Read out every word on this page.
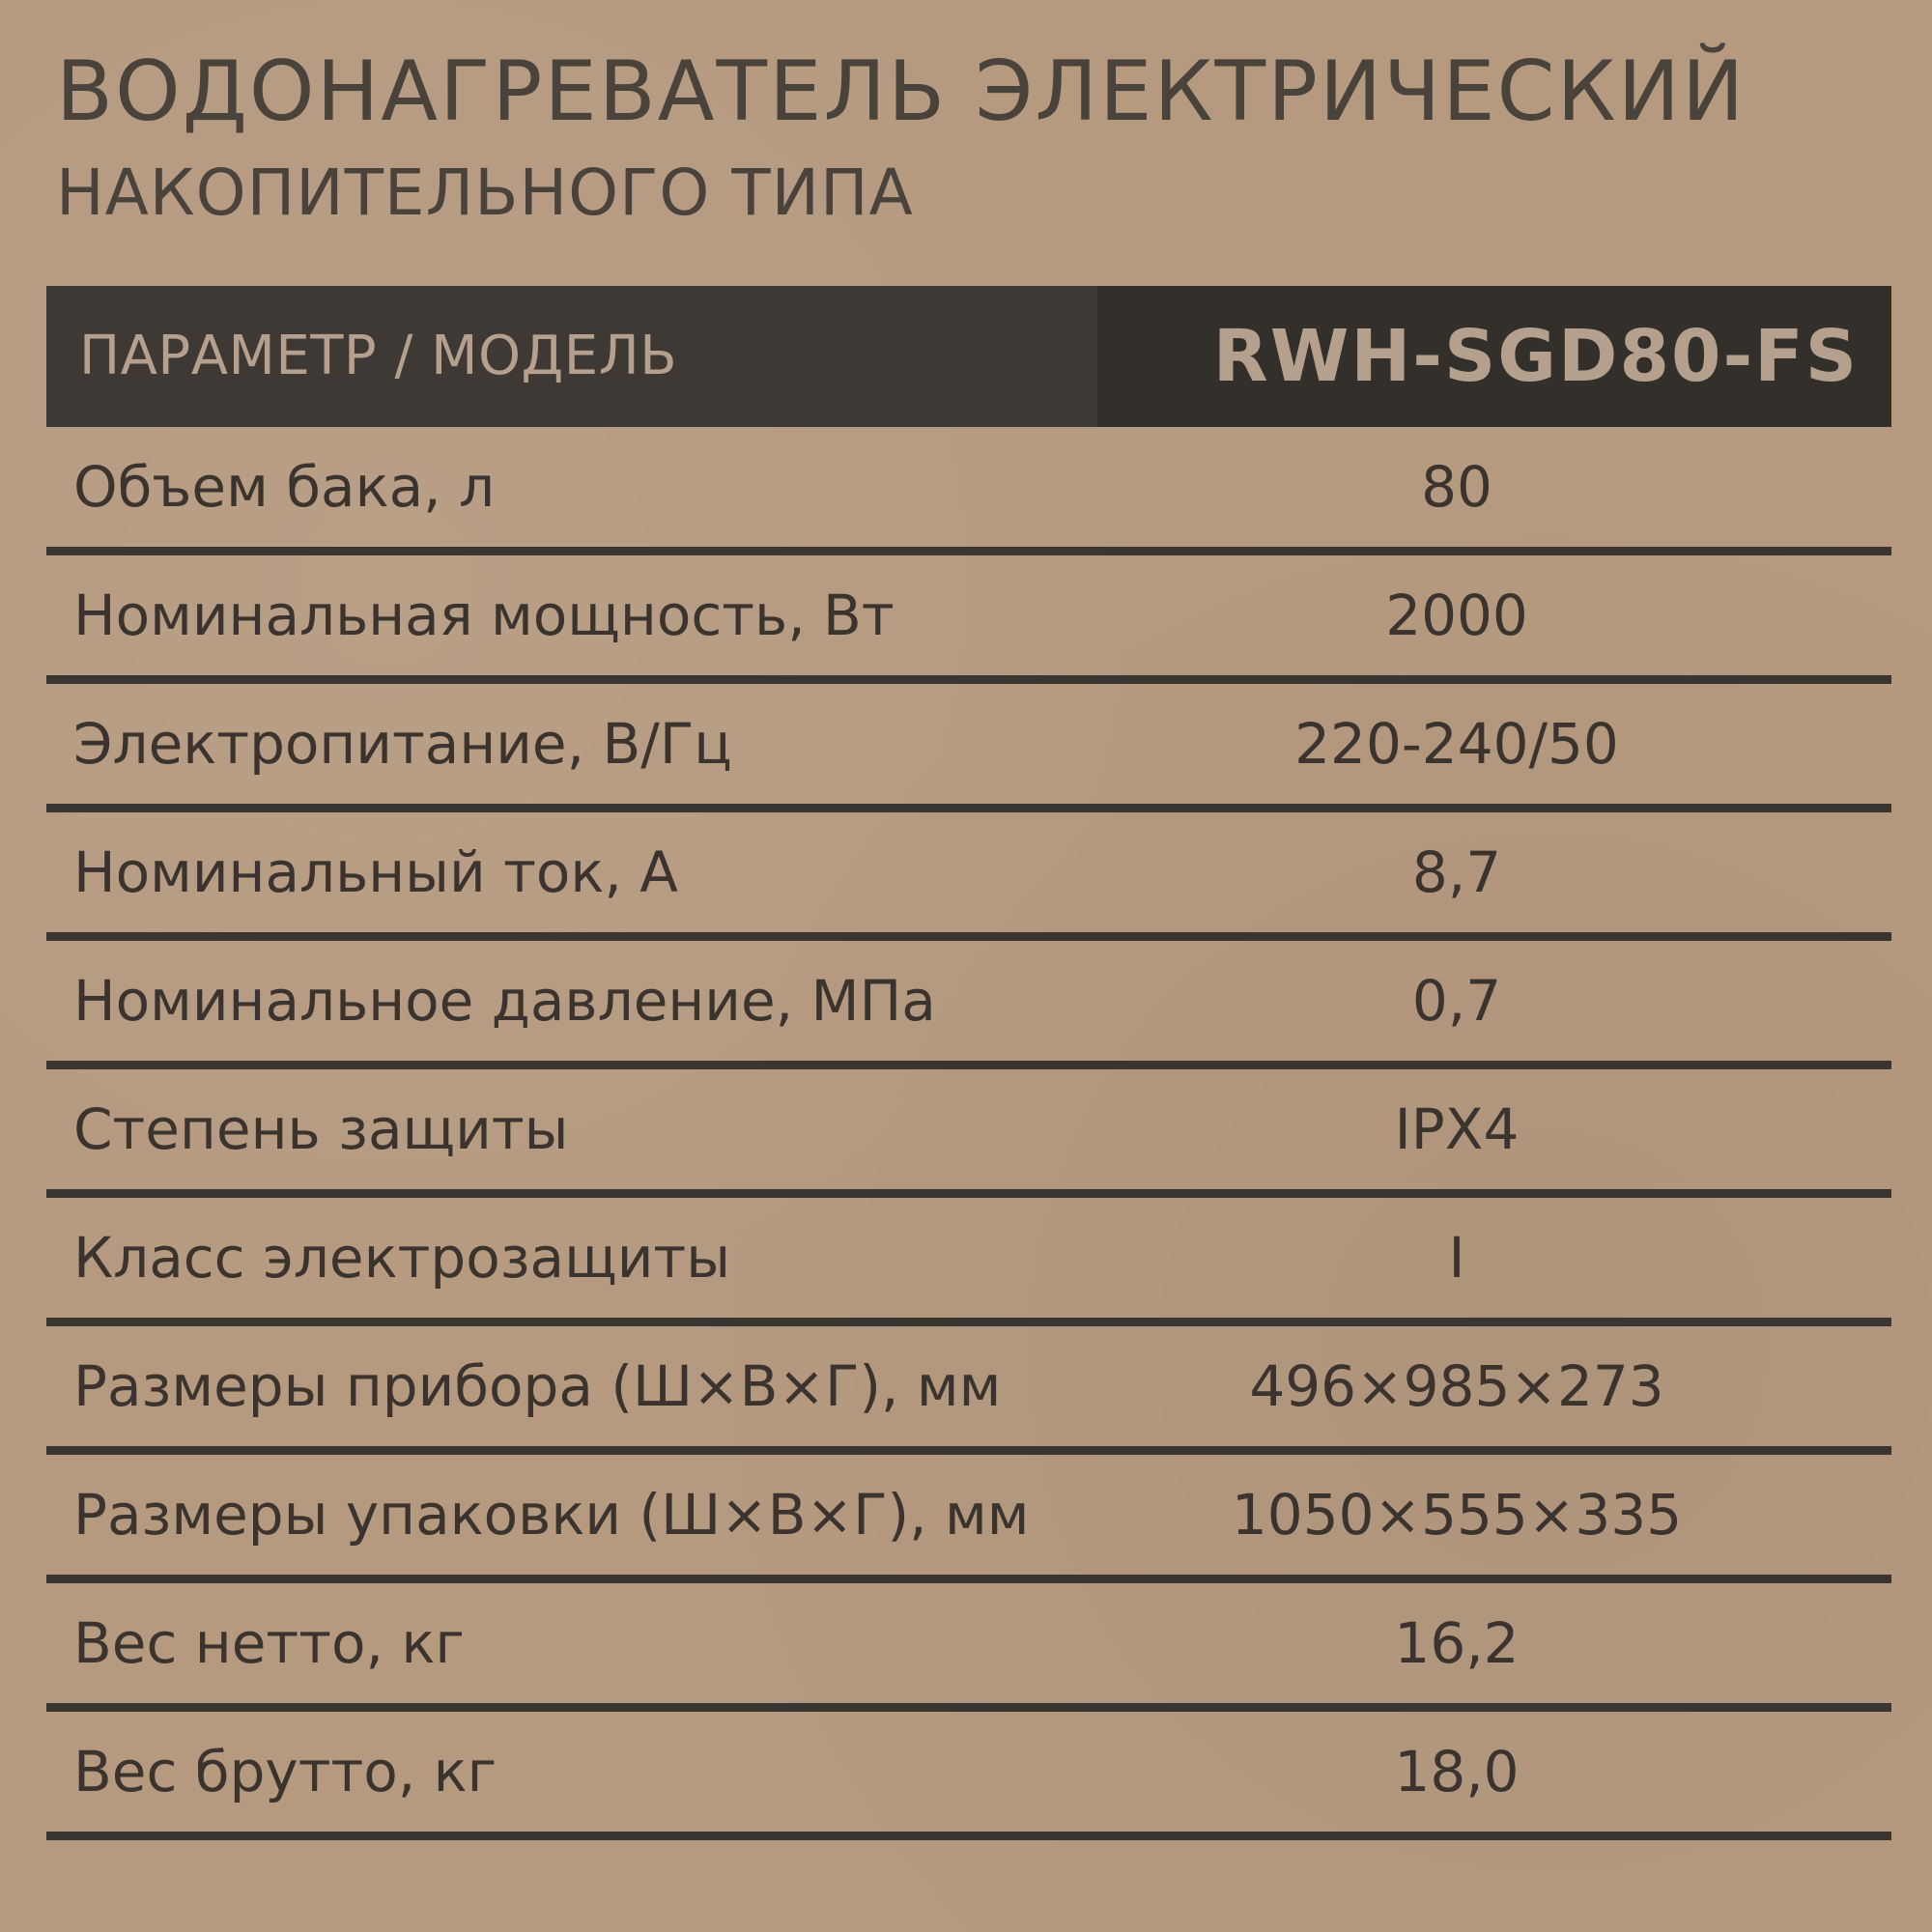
ВОДОНАГРЕВАТЕЛЬ ЭЛЕКТРИЧЕСКИЙ
НАКОПИТЕЛЬНОГО ТИПА
ПАРАМЕТР / МОДЕЛЬ	RWH-SGD80-FS
Объем бака, л	80
Номинальная мощность, Вт	2000
Электропитание, В/Гц	220-240/50
Номинальный ток, А	8,7
Номинальное давление, МПа	0,7
Степень защиты	IPX4
Класс электрозащиты	I
Размеры прибора (Ш×В×Г), мм	496×985×273
Размеры упаковки (Ш×В×Г), мм	1050×555×335
Вес нетто, кг	16,2
Вес брутто, кг	18,0
